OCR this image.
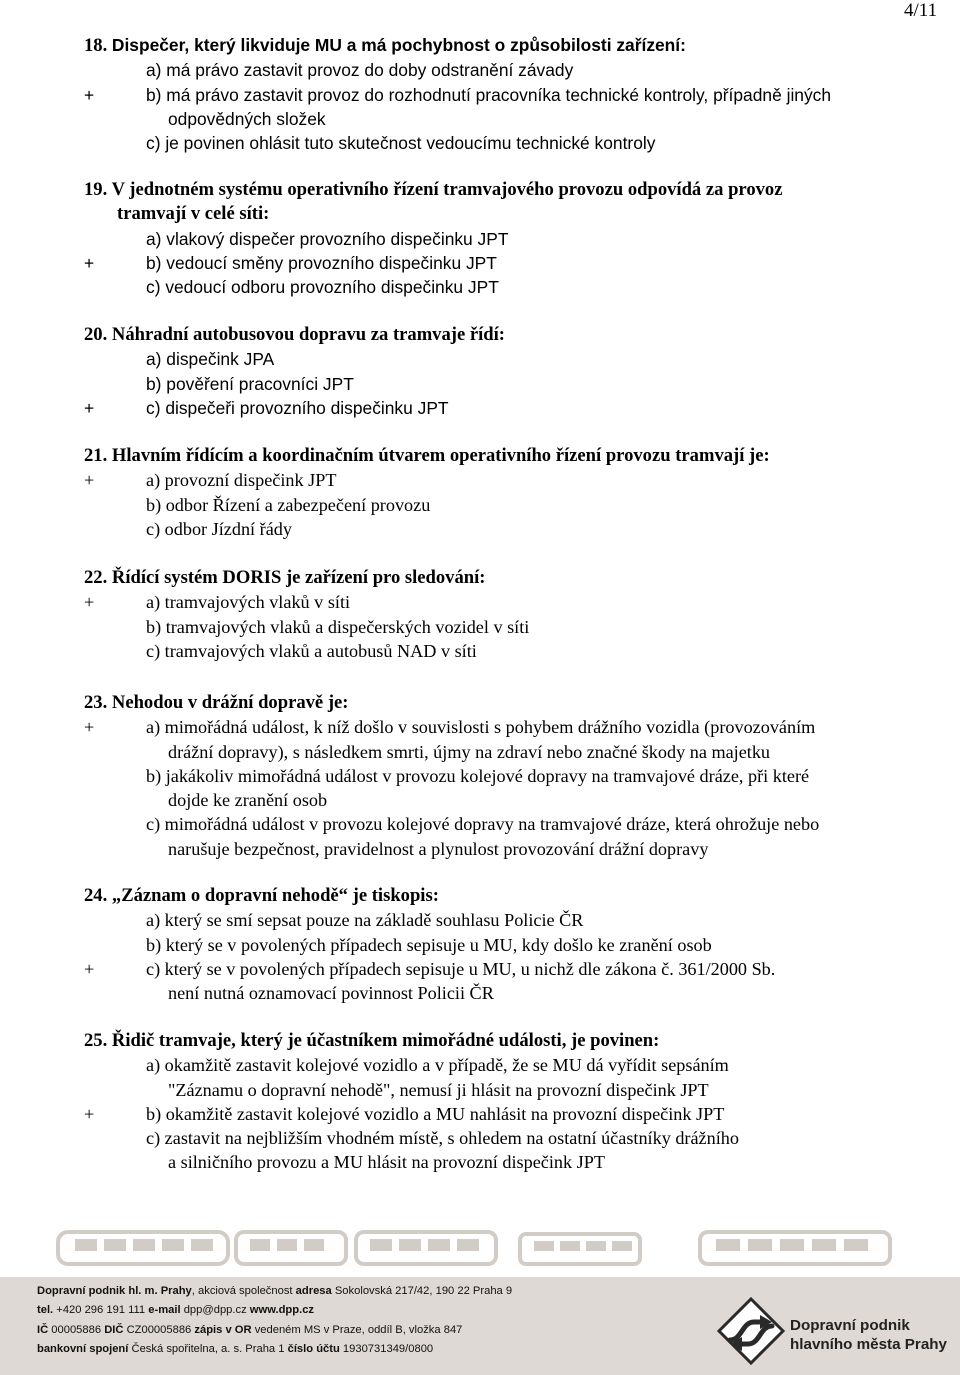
4/11
18. Dispečer, který likviduje MU a má pochybnost o způsobilosti zařízení:
a) má právo zastavit provoz do doby odstranění závady
+	b) má právo zastavit provoz do rozhodnutí pracovníka technické kontroly, případně jiných
odpovědných složek
c) je povinen ohlásit tuto skutečnost vedoucímu technické kontroly
19. V jednotném systému operativního řízení tramvajového provozu odpovídá za provoz
tramvají v celé síti:
a) vlakový dispečer provozního dispečinku JPT
+	b) vedoucí směny provozního dispečinku JPT
c) vedoucí odboru provozního dispečinku JPT
20. Náhradní autobusovou dopravu za tramvaje řídí:
a) dispečink JPA
b) pověření pracovníci JPT
+	c) dispečeři provozního dispečinku JPT
21. Hlavním řídícím a koordinačním útvarem operativního řízení provozu tramvají je:
+	a) provozní dispečink JPT
b) odbor Řízení a zabezpečení provozu
c) odbor Jízdní řády
22. Řídící systém DORIS je zařízení pro sledování:
+	a) tramvajových vlaků v síti
b) tramvajových vlaků a dispečerských vozidel v síti
c) tramvajových vlaků a autobusů NAD v síti
23. Nehodou v drážní dopravě je:
+	a) mimořádná událost, k níž došlo v souvislosti s pohybem drážního vozidla (provozováním
drážní dopravy), s následkem smrti, újmy na zdraví nebo značné škody na majetku
b) jakákoliv mimořádná událost v provozu kolejové dopravy na tramvajové dráze, při které
dojde ke zranění osob
c) mimořádná událost v provozu kolejové dopravy na tramvajové dráze, která ohrožuje nebo
narušuje bezpečnost, pravidelnost a plynulost provozování drážní dopravy
24. „Záznam o dopravní nehodě“ je tiskopis:
a) který se smí sepsat pouze na základě souhlasu Policie ČR
b) který se v povolených případech sepisuje u MU, kdy došlo ke zranění osob
+	c) který se v povolených případech sepisuje u MU, u nichž dle zákona č. 361/2000 Sb.
není nutná oznamovací povinnost Policii ČR
25. Řidič tramvaje, který je účastníkem mimořádné události, je povinen:
a) okamžitě zastavit kolejové vozidlo a v případě, že se MU dá vyřídit sepsáním
"Záznamu o dopravní nehodě", nemusí ji hlásit na provozní dispečink JPT
+	b) okamžitě zastavit kolejové vozidlo a MU nahlásit na provozní dispečink JPT
c) zastavit na nejbližším vhodném místě, s ohledem na ostatní účastníky drážního
a silničního provozu a MU hlásit na provozní dispečink JPT
Dopravní podnik hl. m. Prahy, akciová společnost adresa Sokolovská 217/42, 190 22 Praha 9
tel. +420 296 191 111 e-mail dpp@dpp.cz www.dpp.cz
IČ 00005886 DIČ CZ00005886 zápis v OR vedeném MS v Praze, oddíl B, vložka 847
bankovní spojení Česká spořitelna, a. s. Praha 1 číslo účtu 1930731349/0800
Dopravní podnik
hlavního města Prahy
